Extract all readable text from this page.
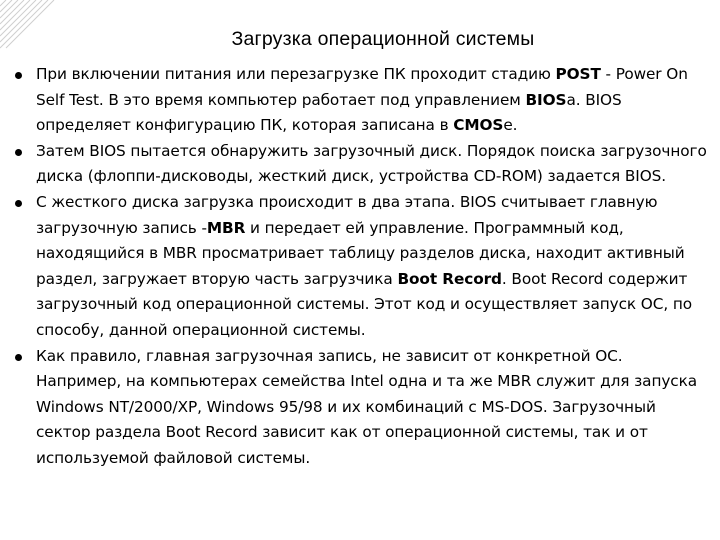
Загрузка операционной системы
При включении питания или перезагрузке ПК проходит стадию POST - Power On Self Test. В это время компьютер работает под управлением BIOSa. BIOS определяет конфигурацию ПК, которая записана в CMOSе.
Затем BIOS пытается обнаружить загрузочный диск. Порядок поиска загрузочного диска (флоппи-дисководы, жесткий диск, устройства CD-ROM) задается BIOS.
С жесткого диска загрузка происходит в два этапа. BIOS считывает главную загрузочную запись -MBR и передает ей управление. Программный код, находящийся в MBR просматривает таблицу разделов диска, находит активный раздел, загружает вторую часть загрузчика Boot Record. Boot Record содержит загрузочный код операционной системы. Этот код и осуществляет запуск ОС, по способу, данной операционной системы.
Как правило, главная загрузочная запись, не зависит от конкретной ОС. Например, на компьютерах семейства Intel одна и та же MBR служит для запуска Windows NT/2000/XP, Windows 95/98 и их комбинаций с MS-DOS. Загрузочный сектор раздела Boot Record зависит как от операционной системы, так и от используемой файловой системы.
